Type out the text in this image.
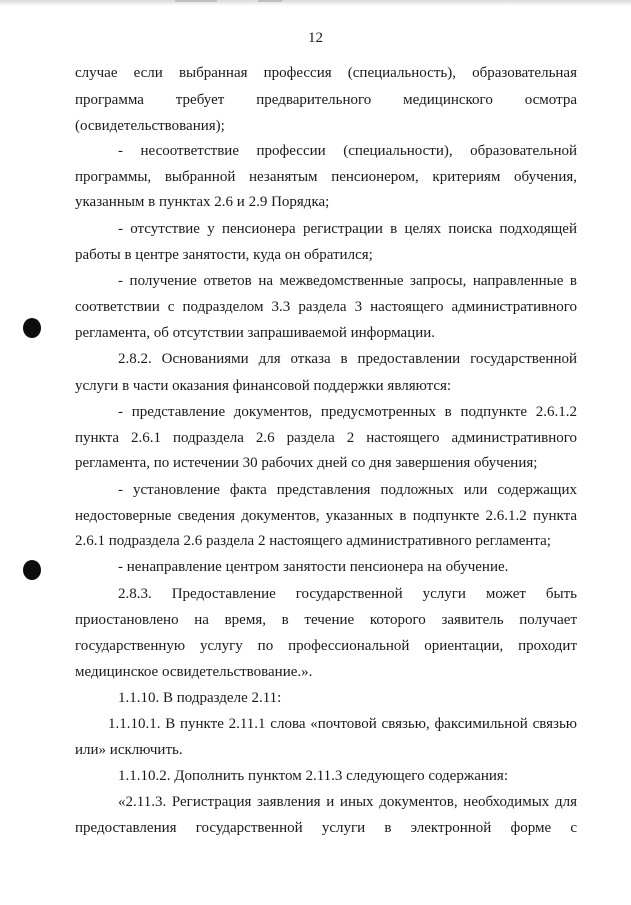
12
случае если выбранная профессия (специальность), образовательная
программа требует предварительного медицинского осмотра
(освидетельствования);
- несоответствие профессии (специальности), образовательной
программы, выбранной незанятым пенсионером, критериям обучения,
указанным в пунктах 2.6 и 2.9 Порядка;
- отсутствие у пенсионера регистрации в целях поиска подходящей
работы в центре занятости, куда он обратился;
- получение ответов на межведомственные запросы, направленные в
соответствии с подразделом 3.3 раздела 3 настоящего административного
регламента, об отсутствии запрашиваемой информации.
2.8.2. Основаниями для отказа в предоставлении государственной
услуги в части оказания финансовой поддержки являются:
- представление документов, предусмотренных в подпункте 2.6.1.2
пункта 2.6.1 подраздела 2.6 раздела 2 настоящего административного
регламента, по истечении 30 рабочих дней со дня завершения обучения;
- установление факта представления подложных или содержащих
недостоверные сведения документов, указанных в подпункте 2.6.1.2 пункта
2.6.1 подраздела 2.6 раздела 2 настоящего административного регламента;
- ненаправление центром занятости пенсионера на обучение.
2.8.3. Предоставление государственной услуги может быть
приостановлено на время, в течение которого заявитель получает
государственную услугу по профессиональной ориентации, проходит
медицинское освидетельствование.».
1.1.10. В подразделе 2.11:
1.1.10.1. В пункте 2.11.1 слова «почтовой связью, факсимильной связью
или» исключить.
1.1.10.2. Дополнить пунктом 2.11.3 следующего содержания:
«2.11.3. Регистрация заявления и иных документов, необходимых для
предоставления государственной услуги в электронной форме с
